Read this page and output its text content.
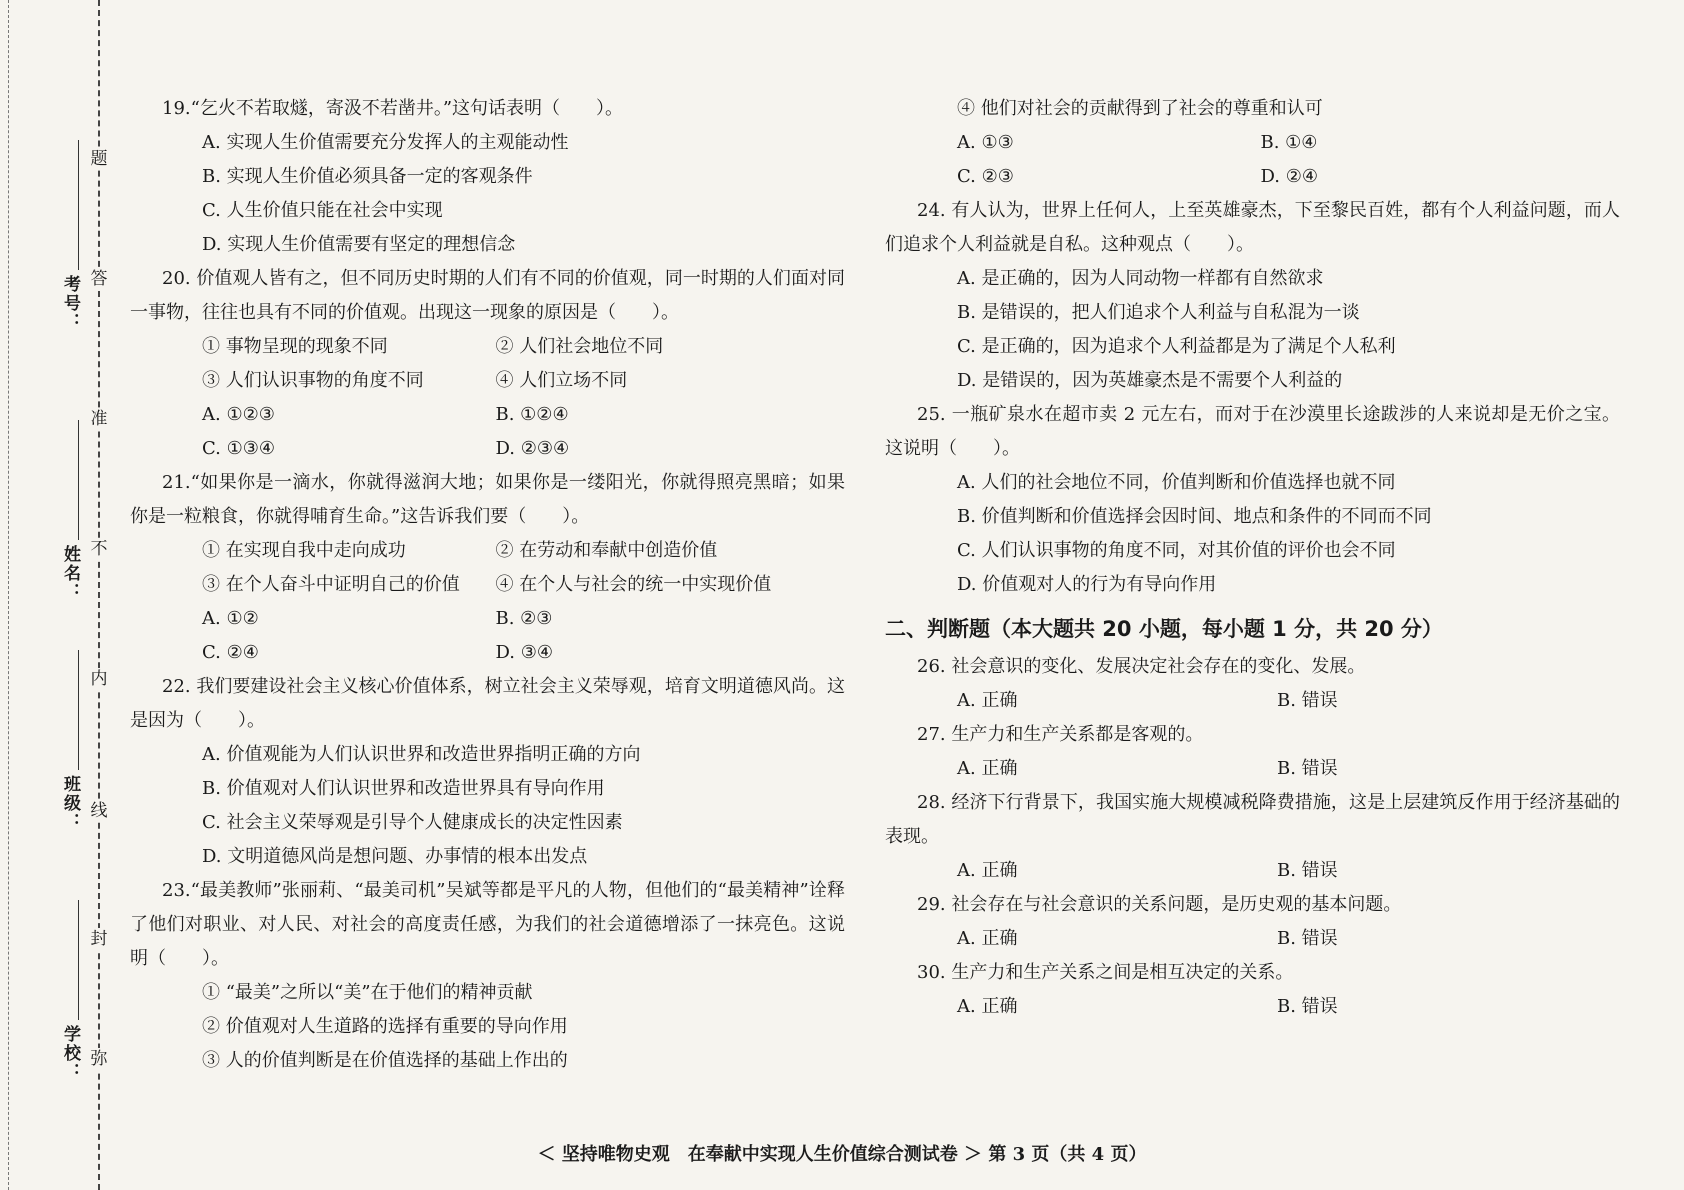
题
答
准
不
内
线
封
弥
考号：
姓名：
班级：
学校：

19.“乞火不若取燧，寄汲不若凿井。”这句话表明（　　）。

A. 实现人生价值需要充分发挥人的主观能动性

B. 实现人生价值必须具备一定的客观条件

C. 人生价值只能在社会中实现

D. 实现人生价值需要有坚定的理想信念

20. 价值观人皆有之，但不同历史时期的人们有不同的价值观，同一时期的人们面对同一事物，往往也具有不同的价值观。出现这一现象的原因是（　　）。

① 事物呈现的现象不同	② 人们社会地位不同
③ 人们认识事物的角度不同	④ 人们立场不同
A. ①②③	B. ①②④
C. ①③④	D. ②③④

21.“如果你是一滴水，你就得滋润大地；如果你是一缕阳光，你就得照亮黑暗；如果你是一粒粮食，你就得哺育生命。”这告诉我们要（　　）。

① 在实现自我中走向成功	② 在劳动和奉献中创造价值
③ 在个人奋斗中证明自己的价值	④ 在个人与社会的统一中实现价值
A. ①②	B. ②③
C. ②④	D. ③④

22. 我们要建设社会主义核心价值体系，树立社会主义荣辱观，培育文明道德风尚。这是因为（　　）。

A. 价值观能为人们认识世界和改造世界指明正确的方向

B. 价值观对人们认识世界和改造世界具有导向作用

C. 社会主义荣辱观是引导个人健康成长的决定性因素

D. 文明道德风尚是想问题、办事情的根本出发点

23.“最美教师”张丽莉、“最美司机”吴斌等都是平凡的人物，但他们的“最美精神”诠释了他们对职业、对人民、对社会的高度责任感，为我们的社会道德增添了一抹亮色。这说明（　　）。

① “最美”之所以“美”在于他们的精神贡献

② 价值观对人生道路的选择有重要的导向作用

③ 人的价值判断是在价值选择的基础上作出的

④ 他们对社会的贡献得到了社会的尊重和认可

A. ①③	B. ①④
C. ②③	D. ②④

24. 有人认为，世界上任何人，上至英雄豪杰，下至黎民百姓，都有个人利益问题，而人们追求个人利益就是自私。这种观点（　　）。

A. 是正确的，因为人同动物一样都有自然欲求

B. 是错误的，把人们追求个人利益与自私混为一谈

C. 是正确的，因为追求个人利益都是为了满足个人私利

D. 是错误的，因为英雄豪杰是不需要个人利益的

25. 一瓶矿泉水在超市卖 2 元左右，而对于在沙漠里长途跋涉的人来说却是无价之宝。这说明（　　）。

A. 人们的社会地位不同，价值判断和价值选择也就不同

B. 价值判断和价值选择会因时间、地点和条件的不同而不同

C. 人们认识事物的角度不同，对其价值的评价也会不同

D. 价值观对人的行为有导向作用

二、判断题（本大题共 20 小题，每小题 1 分，共 20 分）

26. 社会意识的变化、发展决定社会存在的变化、发展。

A. 正确	B. 错误

27. 生产力和生产关系都是客观的。

A. 正确	B. 错误

28. 经济下行背景下，我国实施大规模减税降费措施，这是上层建筑反作用于经济基础的表现。

A. 正确	B. 错误

29. 社会存在与社会意识的关系问题，是历史观的基本问题。

A. 正确	B. 错误

30. 生产力和生产关系之间是相互决定的关系。

A. 正确	B. 错误
＜ 坚持唯物史观　在奉献中实现人生价值综合测试卷 ＞ 第 3 页（共 4 页）
